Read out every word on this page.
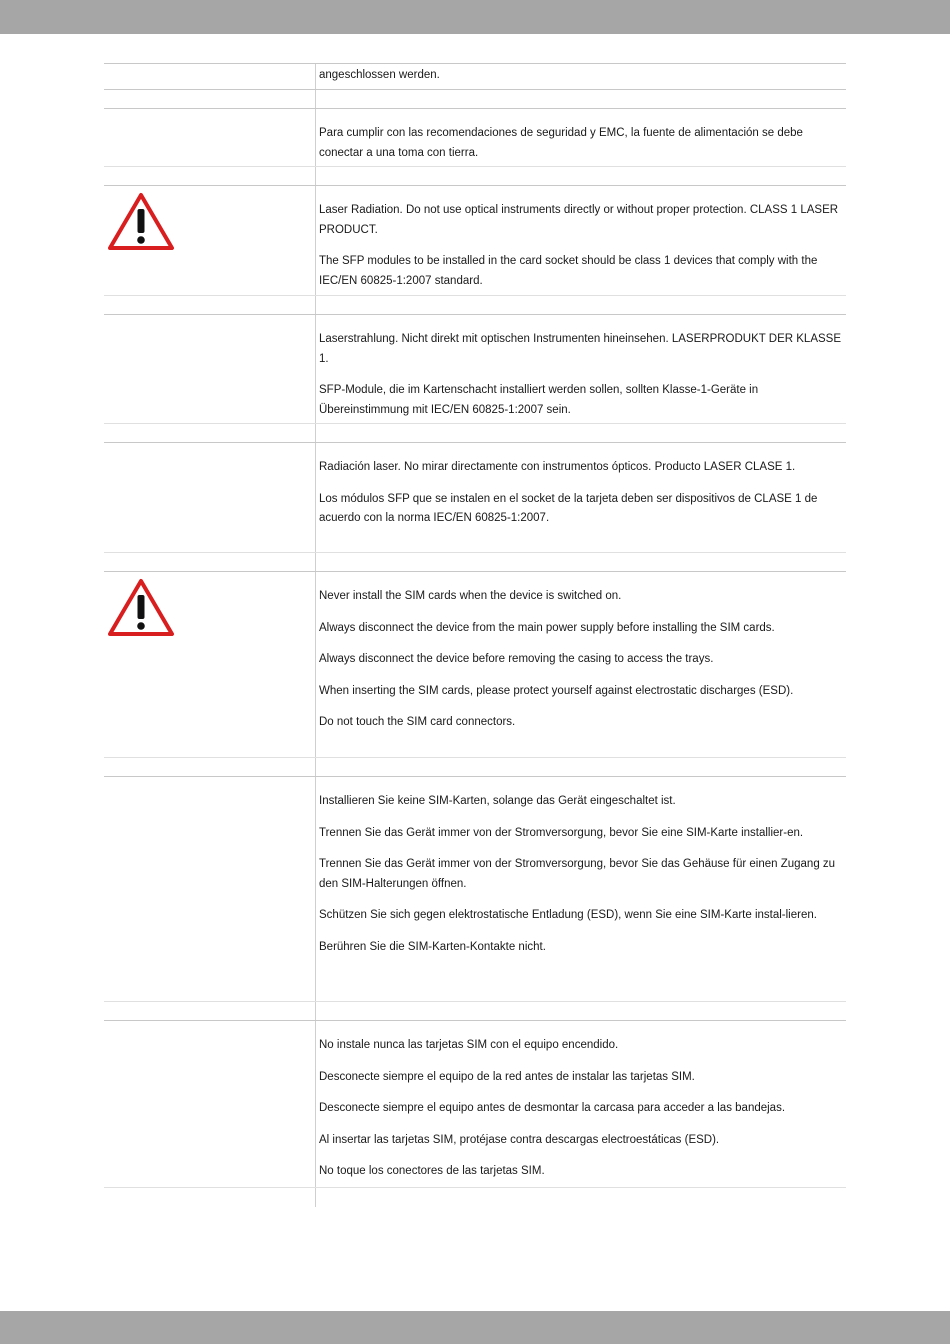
angeschlossen werden.

Para cumplir con las recomendaciones de seguridad y EMC, la fuente de alimentación se debe conectar a una toma con tierra.

Laser Radiation. Do not use optical instruments directly or without proper protection. CLASS 1 LASER PRODUCT.

The SFP modules to be installed in the card socket should be class 1 devices that comply with the IEC/EN 60825-1:2007 standard.

Laserstrahlung. Nicht direkt mit optischen Instrumenten hineinsehen. LASERPRODUKT DER KLASSE 1.

SFP-Module, die im Kartenschacht installiert werden sollen, sollten Klasse-1-Geräte in Übereinstimmung mit IEC/EN 60825-1:2007 sein.

Radiación laser. No mirar directamente con instrumentos ópticos. Producto LASER CLASE 1.

Los módulos SFP que se instalen en el socket de la tarjeta deben ser dispositivos de CLASE 1 de acuerdo con la norma IEC/EN 60825-1:2007.

Never install the SIM cards when the device is switched on.

Always disconnect the device from the main power supply before installing the SIM cards.

Always disconnect the device before removing the casing to access the trays.

When inserting the SIM cards, please protect yourself against electrostatic discharges (ESD).

Do not touch the SIM card connectors.

Installieren Sie keine SIM-Karten, solange das Gerät eingeschaltet ist.

Trennen Sie das Gerät immer von der Stromversorgung, bevor Sie eine SIM-Karte installier-en.

Trennen Sie das Gerät immer von der Stromversorgung, bevor Sie das Gehäuse für einen Zugang zu den SIM-Halterungen öffnen.

Schützen Sie sich gegen elektrostatische Entladung (ESD), wenn Sie eine SIM-Karte instal-lieren.

Berühren Sie die SIM-Karten-Kontakte nicht.

No instale nunca las tarjetas SIM con el equipo encendido.

Desconecte siempre el equipo de la red antes de instalar las tarjetas SIM.

Desconecte siempre el equipo antes de desmontar la carcasa para acceder a las bandejas.

Al insertar las tarjetas SIM, protéjase contra descargas electroestáticas (ESD).

No toque los conectores de las tarjetas SIM.
